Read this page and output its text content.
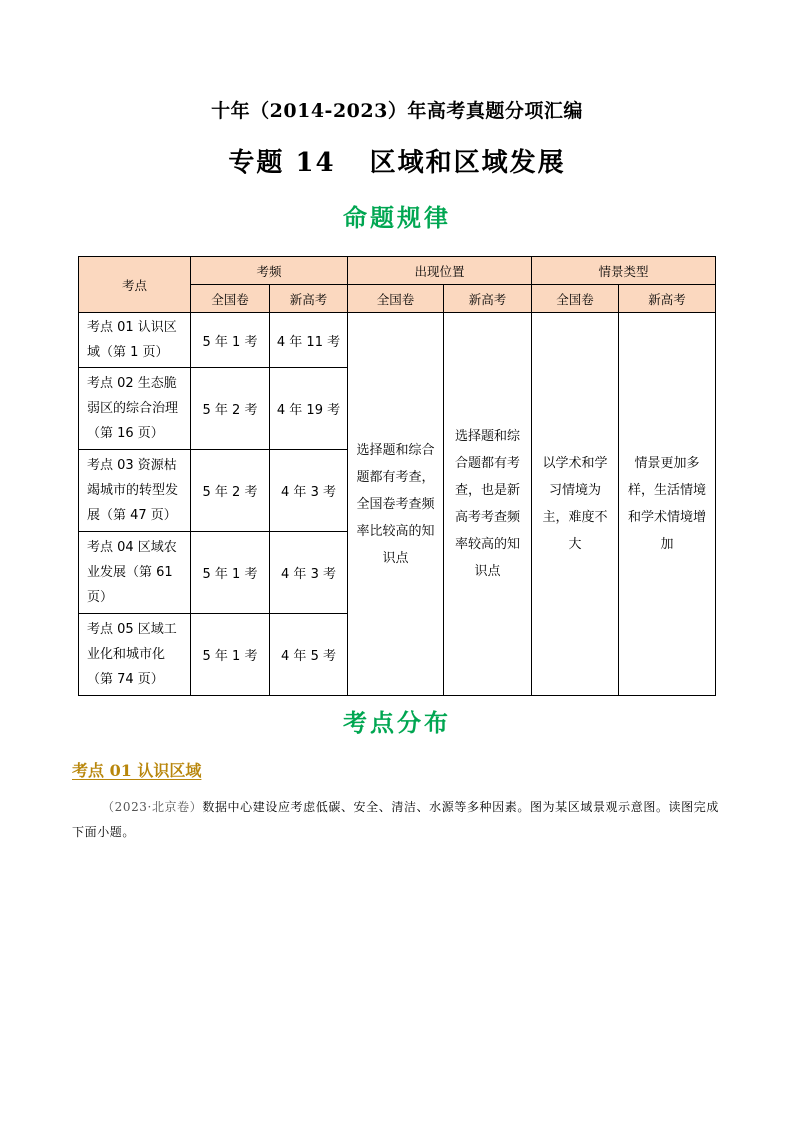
十年（2014-2023）年高考真题分项汇编
专题 14 区域和区域发展
命题规律
考点	考频		出现位置		情景类型	
	全国卷	新高考	全国卷	新高考	全国卷	新高考
考点 01 认识区域（第 1 页）	5 年 1 考	4 年 11 考	选择题和综合题都有考查，全国卷考查频率比较高的知识点	选择题和综合题都有考查，也是新高考考查频率较高的知识点	以学术和学习情境为主，难度不大	情景更加多样，生活情境和学术情境增加
考点 02 生态脆弱区的综合治理（第 16 页）	5 年 2 考	4 年 19 考				
考点 03 资源枯竭城市的转型发展（第 47 页）	5 年 2 考	4 年 3 考				
考点 04 区域农业发展（第 61 页）	5 年 1 考	4 年 3 考				
考点 05 区域工业化和城市化（第 74 页）	5 年 1 考	4 年 5 考				
考点分布
考点 01 认识区域
（2023·北京卷）数据中心建设应考虑低碳、安全、清洁、水源等多种因素。图为某区域景观示意图。读图完成下面小题。
